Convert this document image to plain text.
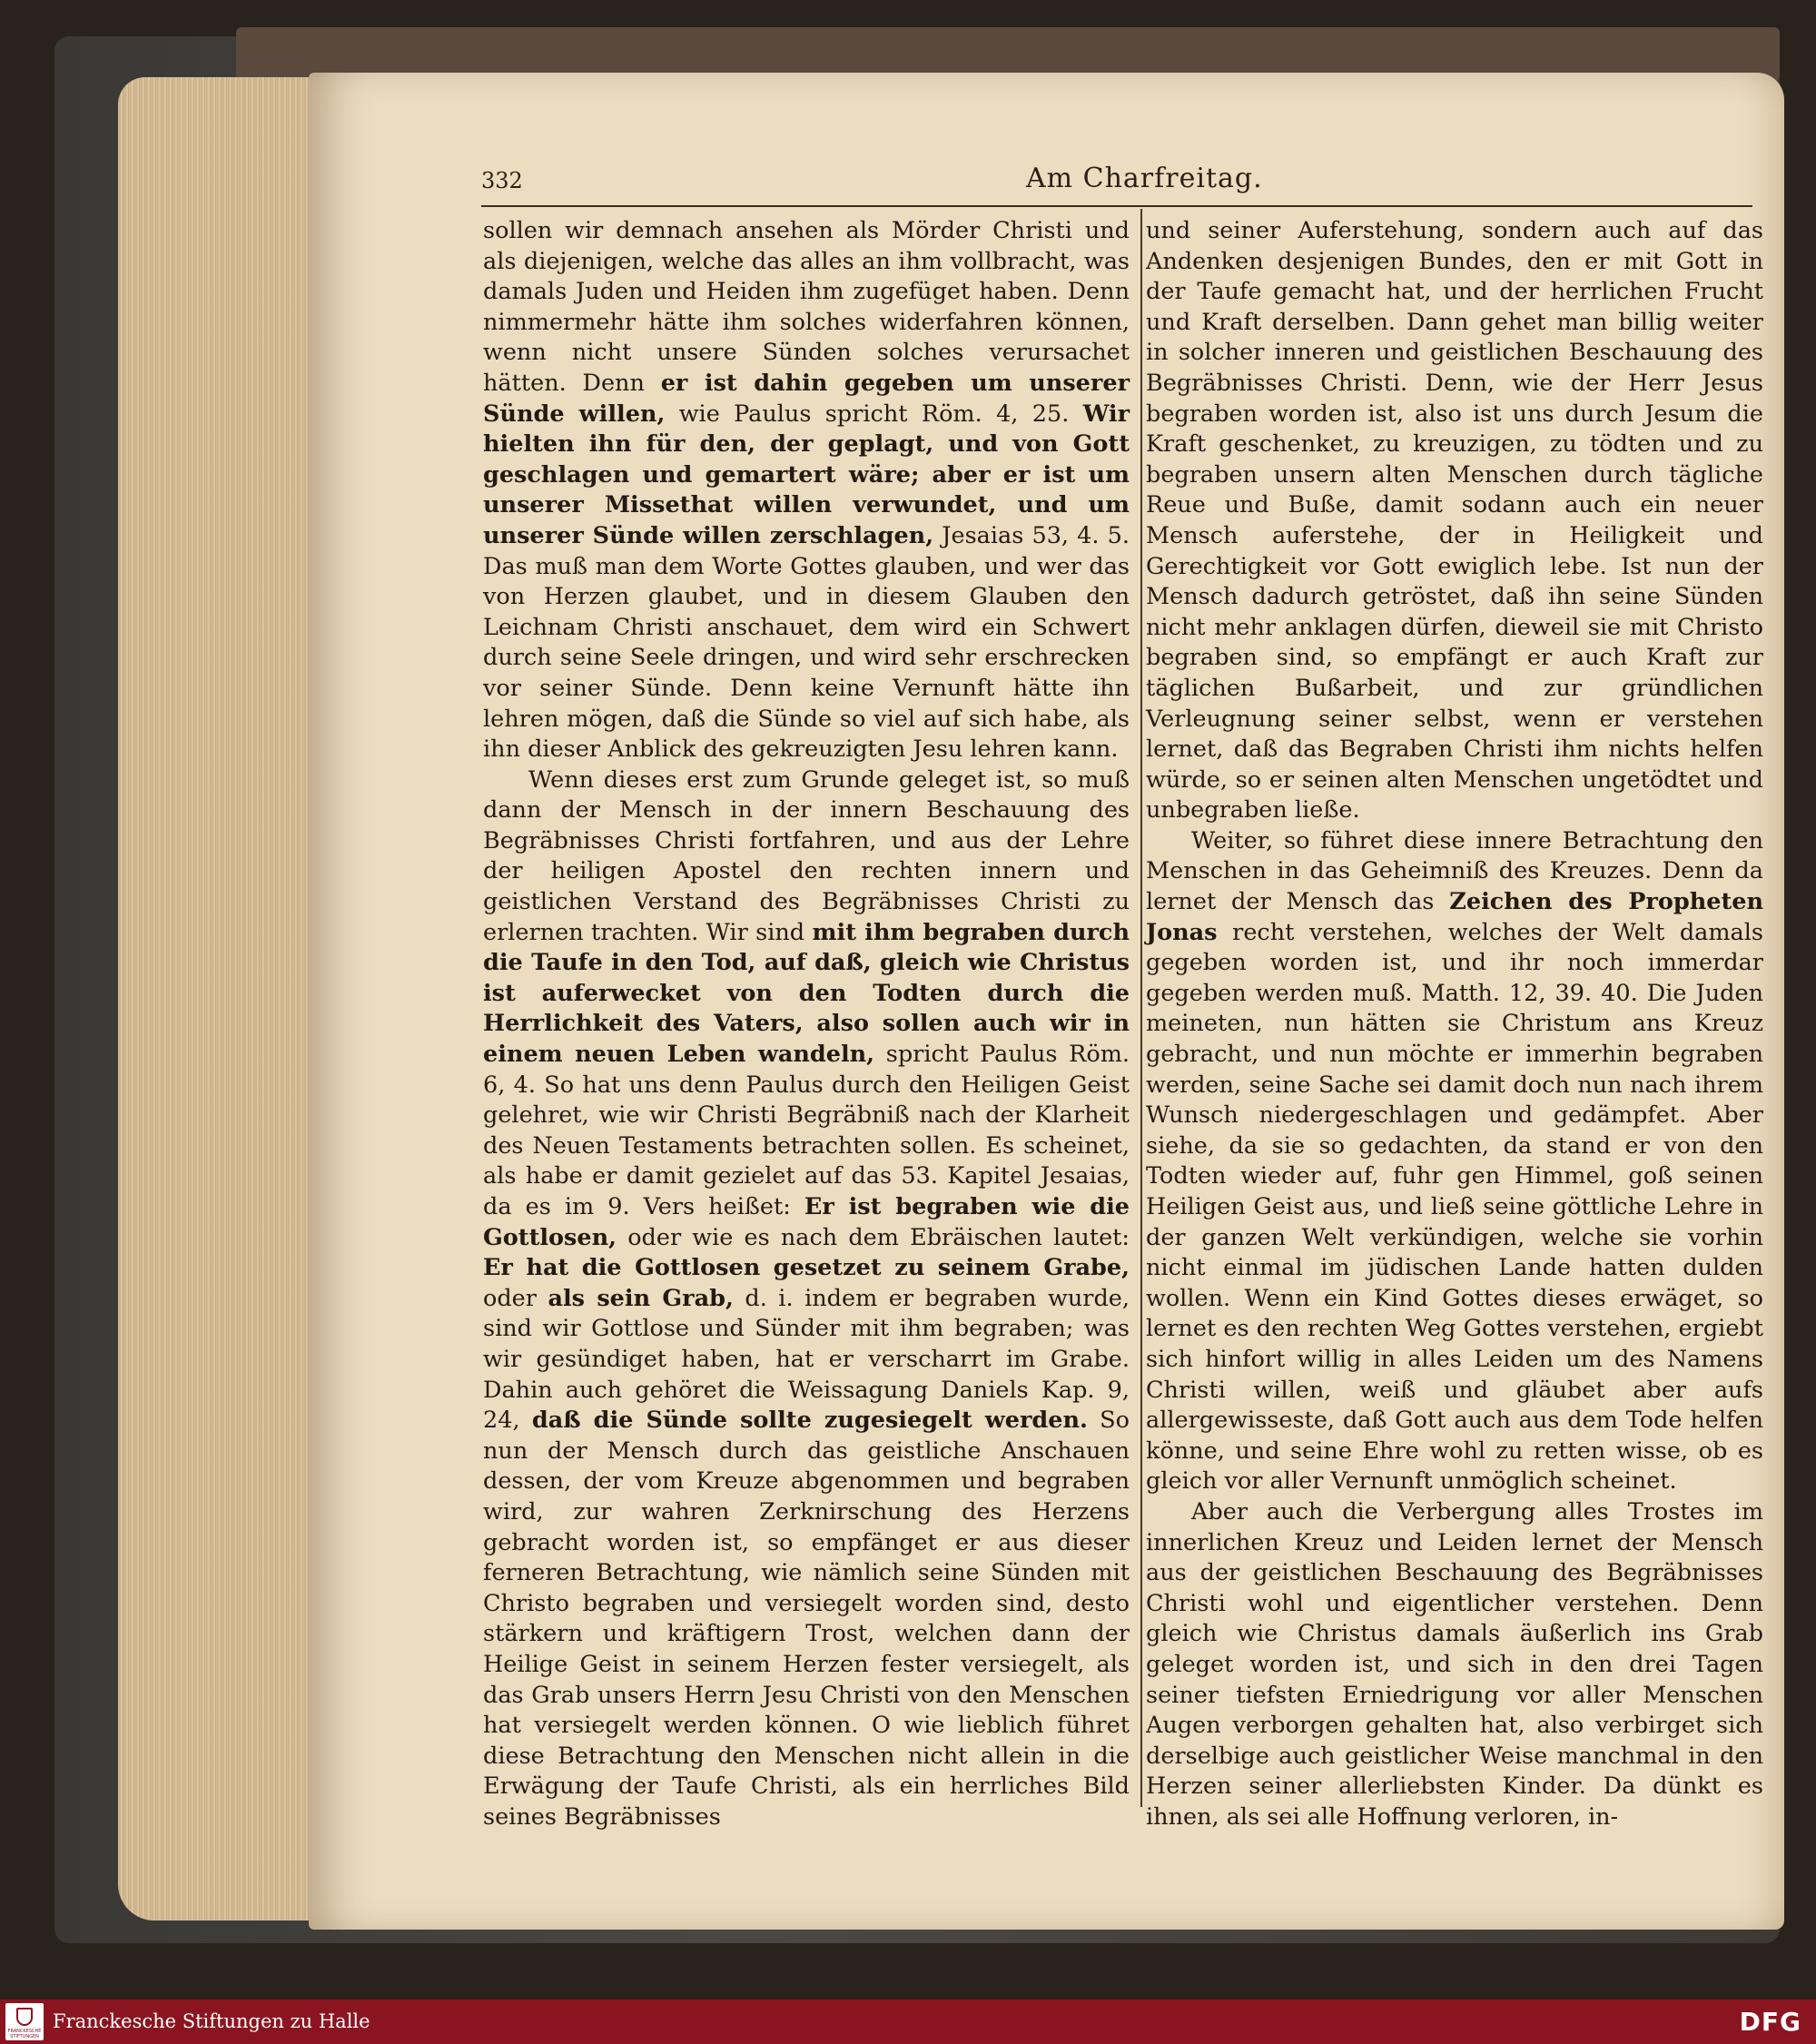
332	Am Charfreitag.

sollen wir demnach ansehen als Mörder Christi und als diejenigen, welche das alles an ihm vollbracht, was damals Juden und Heiden ihm zugefüget haben. Denn nimmermehr hätte ihm solches widerfahren können, wenn nicht unsere Sünden solches verursachet hätten. Denn er ist dahin gegeben um unserer Sünde willen, wie Paulus spricht Röm. 4, 25. Wir hielten ihn für den, der geplagt, und von Gott geschlagen und gemartert wäre; aber er ist um unserer Missethat willen verwundet, und um unserer Sünde willen zerschlagen, Jesaias 53, 4. 5. Das muß man dem Worte Gottes glauben, und wer das von Herzen glaubet, und in diesem Glauben den Leichnam Christi anschauet, dem wird ein Schwert durch seine Seele dringen, und wird sehr erschrecken vor seiner Sünde. Denn keine Vernunft hätte ihn lehren mögen, daß die Sünde so viel auf sich habe, als ihn dieser Anblick des gekreuzigten Jesu lehren kann.

Wenn dieses erst zum Grunde geleget ist, so muß dann der Mensch in der innern Beschauung des Begräbnisses Christi fortfahren, und aus der Lehre der heiligen Apostel den rechten innern und geistlichen Verstand des Begräbnisses Christi zu erlernen trachten. Wir sind mit ihm begraben durch die Taufe in den Tod, auf daß, gleich wie Christus ist auferwecket von den Todten durch die Herrlichkeit des Vaters, also sollen auch wir in einem neuen Leben wandeln, spricht Paulus Röm. 6, 4. So hat uns denn Paulus durch den Heiligen Geist gelehret, wie wir Christi Begräbniß nach der Klarheit des Neuen Testaments betrachten sollen. Es scheinet, als habe er damit gezielet auf das 53. Kapitel Jesaias, da es im 9. Vers heißet: Er ist begraben wie die Gottlosen, oder wie es nach dem Ebräischen lautet: Er hat die Gottlosen gesetzet zu seinem Grabe, oder als sein Grab, d. i. indem er begraben wurde, sind wir Gottlose und Sünder mit ihm begraben; was wir gesündiget haben, hat er verscharrt im Grabe. Dahin auch gehöret die Weissagung Daniels Kap. 9, 24, daß die Sünde sollte zugesiegelt werden. So nun der Mensch durch das geistliche Anschauen dessen, der vom Kreuze abgenommen und begraben wird, zur wahren Zerknirschung des Herzens gebracht worden ist, so empfänget er aus dieser ferneren Betrachtung, wie nämlich seine Sünden mit Christo begraben und versiegelt worden sind, desto stärkern und kräftigern Trost, welchen dann der Heilige Geist in seinem Herzen fester versiegelt, als das Grab unsers Herrn Jesu Christi von den Menschen hat versiegelt werden können. O wie lieblich führet diese Betrachtung den Menschen nicht allein in die Erwägung der Taufe Christi, als ein herrliches Bild seines Begräbnisses

und seiner Auferstehung, sondern auch auf das Andenken desjenigen Bundes, den er mit Gott in der Taufe gemacht hat, und der herrlichen Frucht und Kraft derselben. Dann gehet man billig weiter in solcher inneren und geistlichen Beschauung des Begräbnisses Christi. Denn, wie der Herr Jesus begraben worden ist, also ist uns durch Jesum die Kraft geschenket, zu kreuzigen, zu tödten und zu begraben unsern alten Menschen durch tägliche Reue und Buße, damit sodann auch ein neuer Mensch auferstehe, der in Heiligkeit und Gerechtigkeit vor Gott ewiglich lebe. Ist nun der Mensch dadurch getröstet, daß ihn seine Sünden nicht mehr anklagen dürfen, dieweil sie mit Christo begraben sind, so empfängt er auch Kraft zur täglichen Bußarbeit, und zur gründlichen Verleugnung seiner selbst, wenn er verstehen lernet, daß das Begraben Christi ihm nichts helfen würde, so er seinen alten Menschen ungetödtet und unbegraben ließe.

Weiter, so führet diese innere Betrachtung den Menschen in das Geheimniß des Kreuzes. Denn da lernet der Mensch das Zeichen des Propheten Jonas recht verstehen, welches der Welt damals gegeben worden ist, und ihr noch immerdar gegeben werden muß. Matth. 12, 39. 40. Die Juden meineten, nun hätten sie Christum ans Kreuz gebracht, und nun möchte er immerhin begraben werden, seine Sache sei damit doch nun nach ihrem Wunsch niedergeschlagen und gedämpfet. Aber siehe, da sie so gedachten, da stand er von den Todten wieder auf, fuhr gen Himmel, goß seinen Heiligen Geist aus, und ließ seine göttliche Lehre in der ganzen Welt verkündigen, welche sie vorhin nicht einmal im jüdischen Lande hatten dulden wollen. Wenn ein Kind Gottes dieses erwäget, so lernet es den rechten Weg Gottes verstehen, ergiebt sich hinfort willig in alles Leiden um des Namens Christi willen, weiß und gläubet aber aufs allergewisseste, daß Gott auch aus dem Tode helfen könne, und seine Ehre wohl zu retten wisse, ob es gleich vor aller Vernunft unmöglich scheinet.

Aber auch die Verbergung alles Trostes im innerlichen Kreuz und Leiden lernet der Mensch aus der geistlichen Beschauung des Begräbnisses Christi wohl und eigentlicher verstehen. Denn gleich wie Christus damals äußerlich ins Grab geleget worden ist, und sich in den drei Tagen seiner tiefsten Erniedrigung vor aller Menschen Augen verborgen gehalten hat, also verbirget sich derselbige auch geistlicher Weise manchmal in den Herzen seiner allerliebsten Kinder. Da dünkt es ihnen, als sei alle Hoffnung verloren, in-

FRANCKESCHE STIFTUNGEN
Franckesche Stiftungen zu Halle	DFG
